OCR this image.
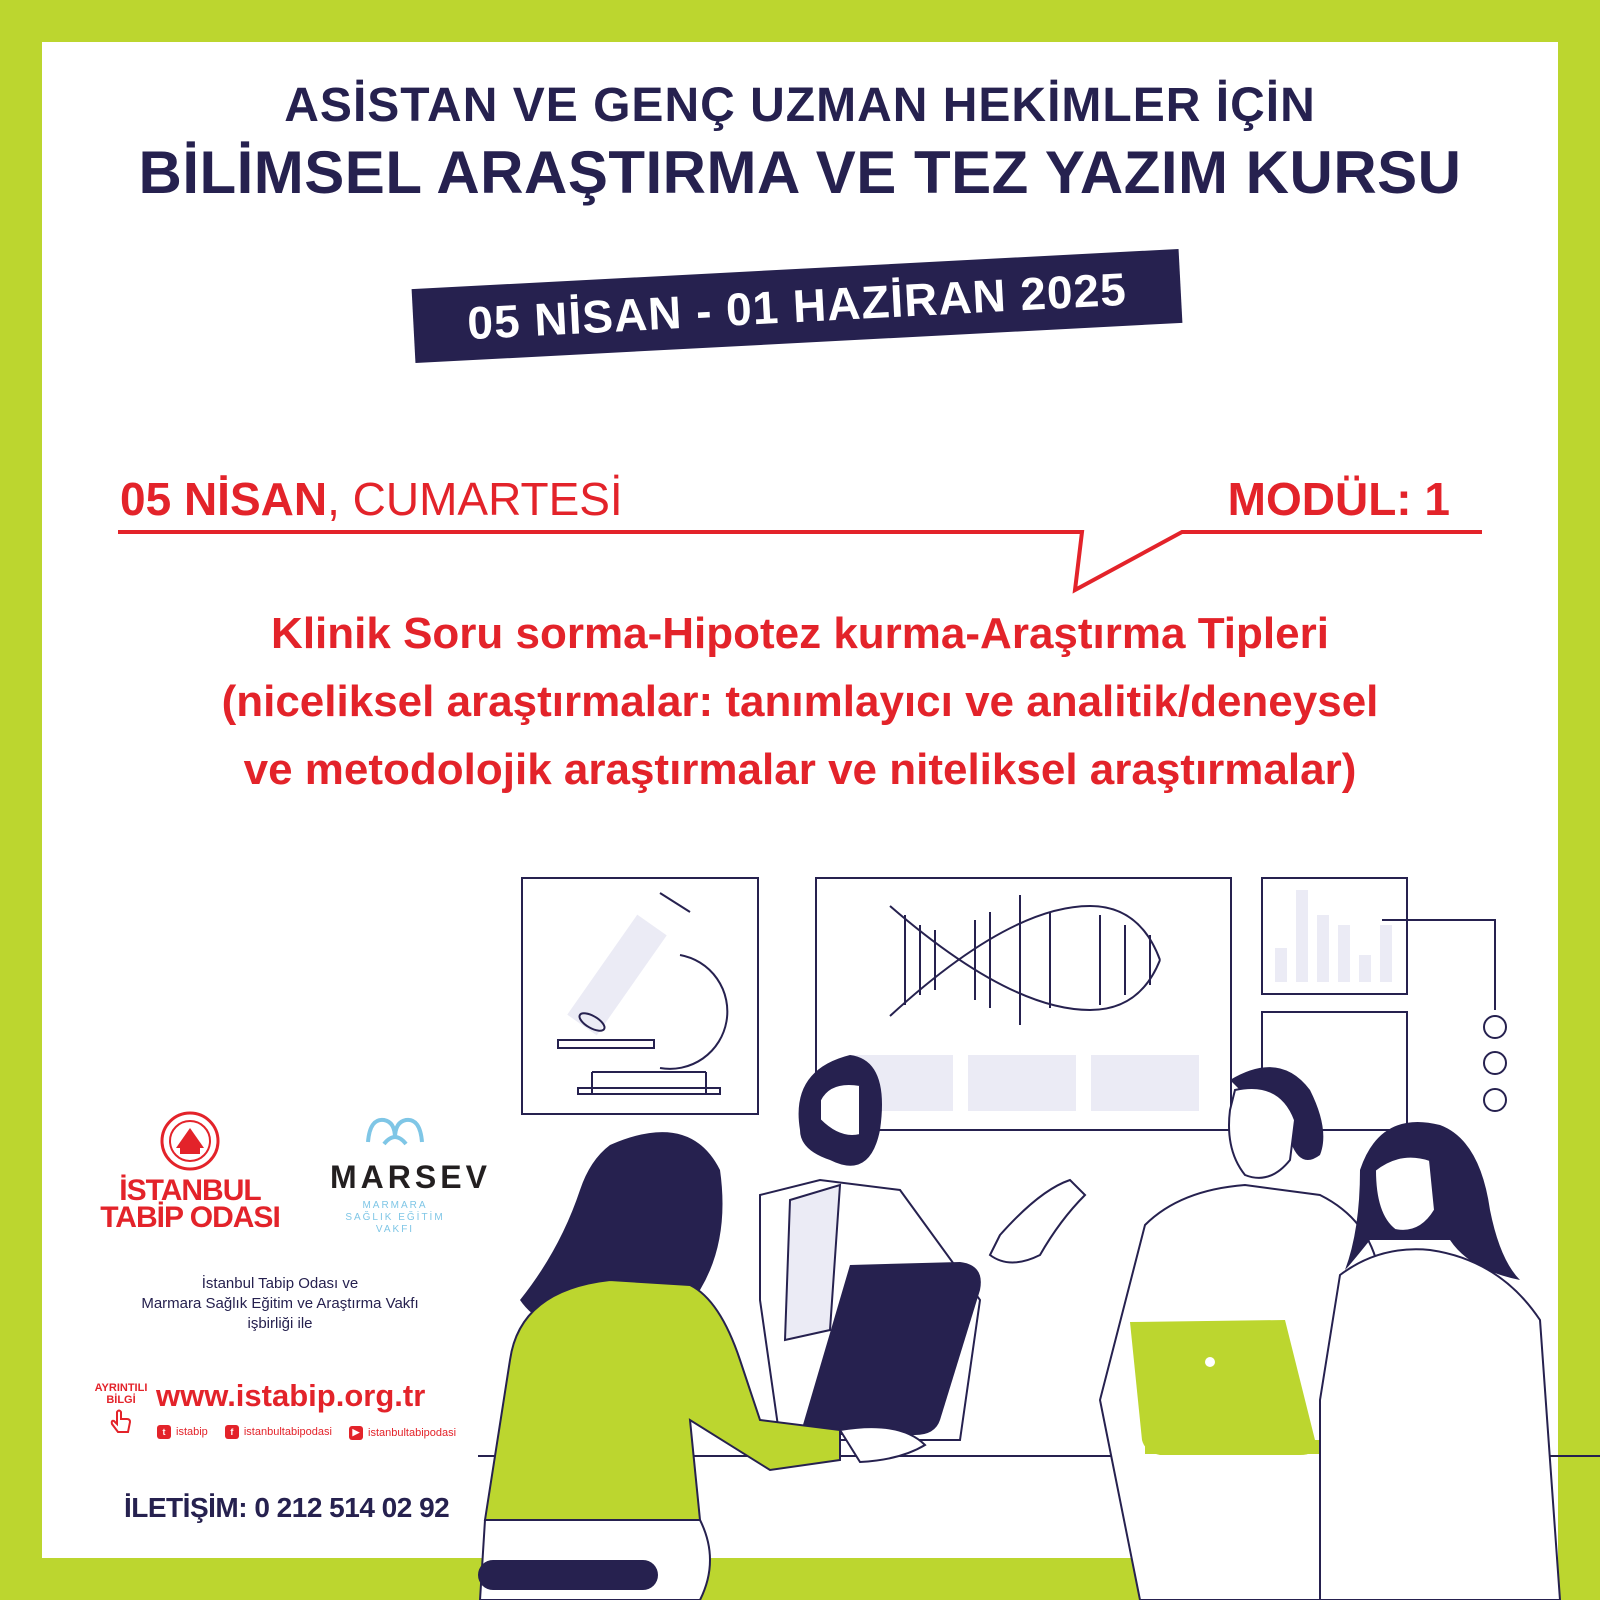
ASİSTAN VE GENÇ UZMAN HEKİMLER İÇİN
BİLİMSEL ARAŞTIRMA VE TEZ YAZIM KURSU
05 NİSAN - 01 HAZİRAN 2025
05 NİSAN, CUMARTESİ	MODÜL: 1
Klinik Soru sorma-Hipotez kurma-Araştırma Tipleri
(niceliksel araştırmalar: tanımlayıcı ve analitik/deneysel
ve metodolojik araştırmalar ve niteliksel araştırmalar)
İSTANBUL
TABİP ODASI
MARSEV
MARMARA
SAĞLIK EĞİTİM
VAKFI
İstanbul Tabip Odası ve
Marmara Sağlık Eğitim ve Araştırma Vakfı
işbirliği ile
AYRINTILI
BİLGİ www.istabip.org.tr
t istabip
	f istanbultabipodasi
	▶ istanbultabipodasi
İLETİŞİM: 0 212 514 02 92
